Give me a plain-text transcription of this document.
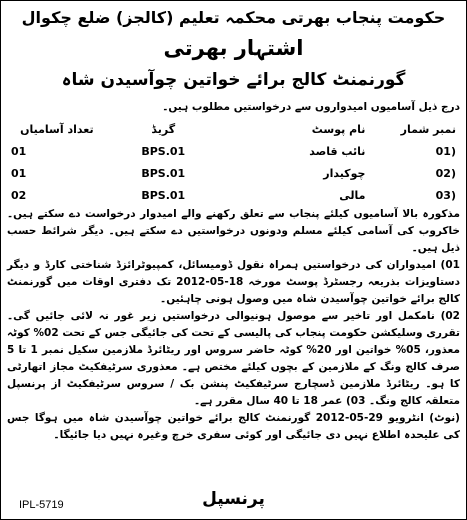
حکومت پنجاب بھرتی محکمہ تعلیم (کالجز) ضلع چکوال
اشتہار بھرتی
گورنمنٹ کالج برائے خواتین چوآسیدن شاہ
درج ذیل آسامیوں امیدواروں سے درخواستیں مطلوب ہیں۔
نمبر شمار	نام پوسٹ	گریڈ	تعداد آسامیاں
(01	نائب قاصد	BPS.01	01
(02	چوکیدار	BPS.01	01
(03	مالی	BPS.01	02
مذکورہ بالا آسامیوں کیلئے پنجاب سے تعلق رکھنے والے امیدوار درخواست دے سکتے ہیں۔ خاکروب کی آسامی کیلئے مسلم ودونوں درخواستیں دے سکتے ہیں۔ دیگر شرائط حسب ذیل ہیں۔
01) امیدواران کی درخواستیں ہمراہ نقول ڈومیسائل، کمپیوٹرائزڈ شناختی کارڈ و دیگر دستاویزات بذریعہ رجسٹرڈ پوسٹ مورخہ 18-05-2012 تک دفتری اوقات میں گورنمنٹ کالج برائے خواتین چوآسیدن شاہ میں وصول ہونی چاہئیں۔
02) نامکمل اور تاخیر سے موصول ہونیوالی درخواستیں زیر غور نہ لائی جائیں گی۔ تقرری وسلیکشن حکومت پنجاب کی پالیسی کے تحت کی جائیگی جس کے تحت 02% کوٹہ معذور، 05% خواتین اور 20% کوٹہ حاضر سروس اور ریٹائرڈ ملازمین سکیل نمبر 1 تا 5 صرف کالج ونگ کے ملازمین کے بچوں کیلئے مختص ہے۔ معذوری سرٹیفکیٹ مجاز اتھارٹی کا ہو۔ ریٹائرڈ ملازمین ڈسچارج سرٹیفکیٹ پنشن بک / سروس سرٹیفکیٹ از پرنسپل متعلقہ کالج ونگ۔ 03) عمر 18 تا 40 سال مقرر ہے۔
(نوٹ) انٹرویو 29-05-2012 گورنمنٹ کالج برائے خواتین چوآسیدن شاہ میں ہوگا جس کی علیحدہ اطلاع نہیں دی جائیگی اور کوئی سفری خرچ وغیرہ نہیں دیا جائیگا۔
IPL-5719	پرنسپل
